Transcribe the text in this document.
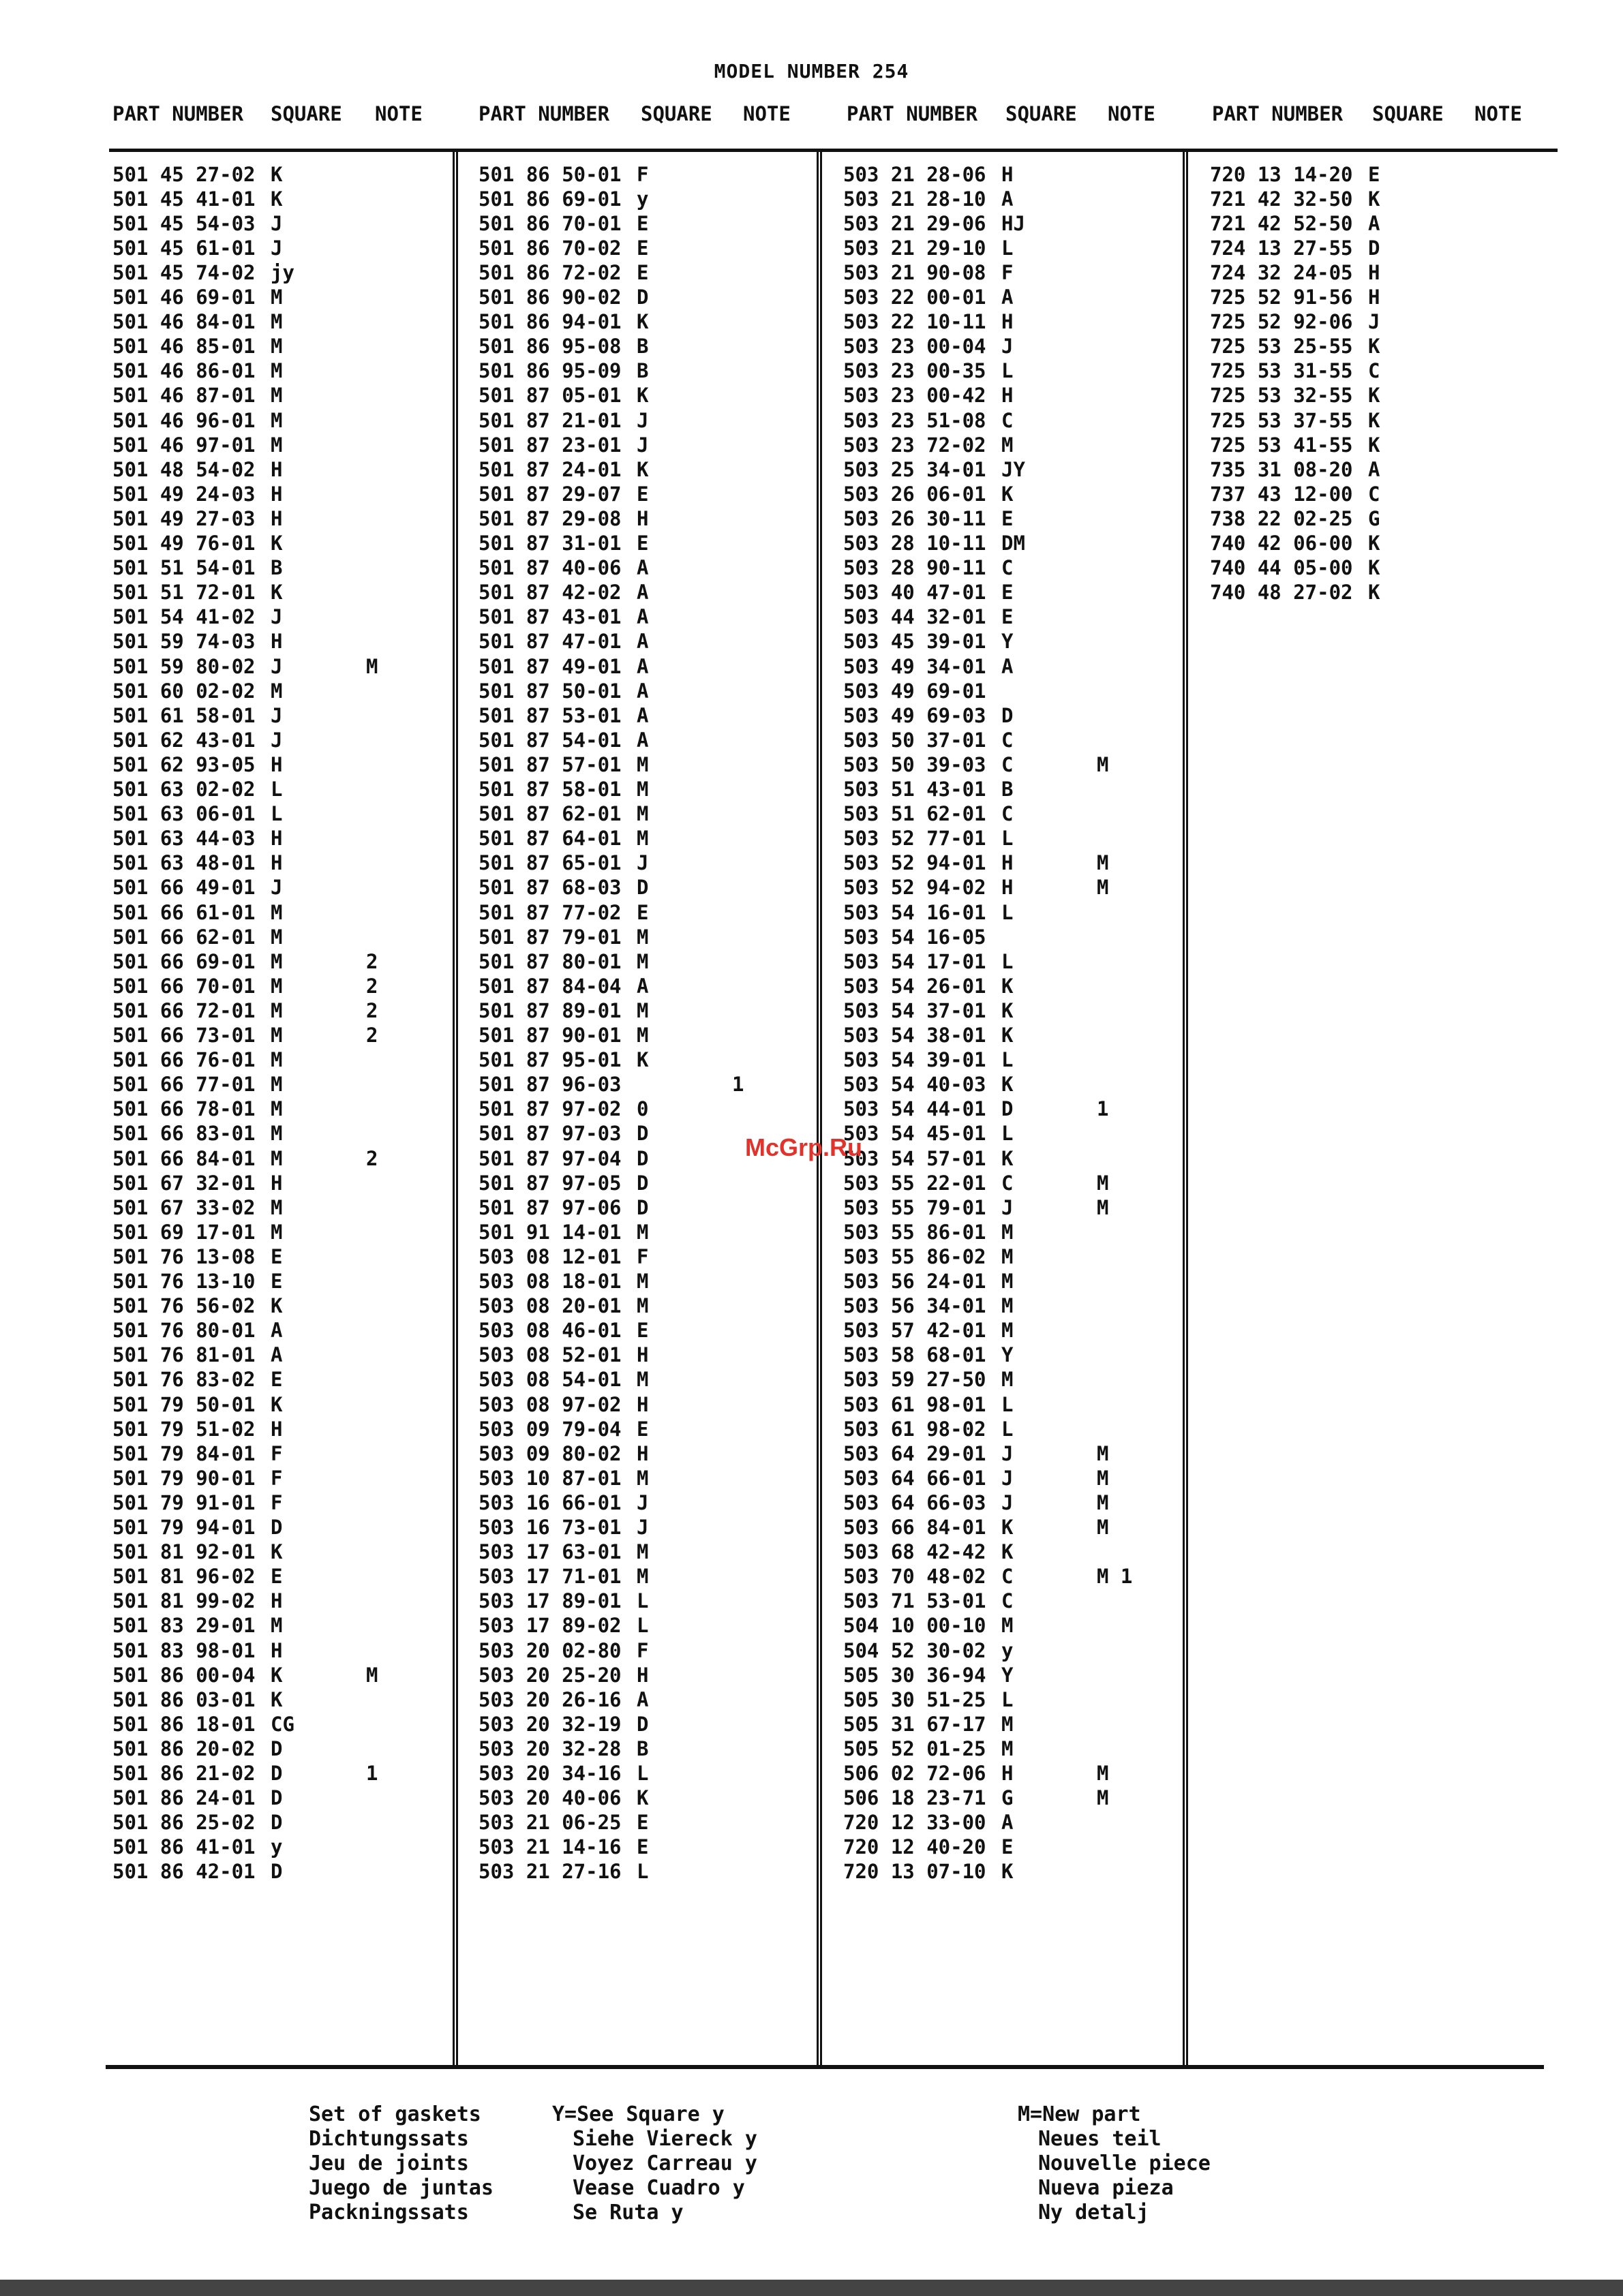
MODEL NUMBER 254
PART NUMBER SQUARE NOTE
501 45 27-02 K
501 45 41-01 K
501 45 54-03 J
501 45 61-01 J
501 45 74-02 jy
501 46 69-01 M
501 46 84-01 M
501 46 85-01 M
501 46 86-01 M
501 46 87-01 M
501 46 96-01 M
501 46 97-01 M
501 48 54-02 H
501 49 24-03 H
501 49 27-03 H
501 49 76-01 K
501 51 54-01 B
501 51 72-01 K
501 54 41-02 J
501 59 74-03 H
501 59 80-02 J	M
501 60 02-02 M
501 61 58-01 J
501 62 43-01 J
501 62 93-05 H
501 63 02-02 L
501 63 06-01 L
501 63 44-03 H
501 63 48-01 H
501 66 49-01 J
501 66 61-01 M
501 66 62-01 M
501 66 69-01 M	2
501 66 70-01 M	2
501 66 72-01 M	2
501 66 73-01 M	2
501 66 76-01 M
501 66 77-01 M
501 66 78-01 M
501 66 83-01 M
501 66 84-01 M	2
501 67 32-01 H
501 67 33-02 M
501 69 17-01 M
501 76 13-08 E
501 76 13-10 E
501 76 56-02 K
501 76 80-01 A
501 76 81-01 A
501 76 83-02 E
501 79 50-01 K
501 79 51-02 H
501 79 84-01 F
501 79 90-01 F
501 79 91-01 F
501 79 94-01 D
501 81 92-01 K
501 81 96-02 E
501 81 99-02 H
501 83 29-01 M
501 83 98-01 H
501 86 00-04 K	M
501 86 03-01 K
501 86 18-01 CG
501 86 20-02 D
501 86 21-02 D	1
501 86 24-01 D
501 86 25-02 D
501 86 41-01 y
501 86 42-01 D
PART NUMBER SQUARE NOTE
501 86 50-01 F
501 86 69-01 y
501 86 70-01 E
501 86 70-02 E
501 86 72-02 E
501 86 90-02 D
501 86 94-01 K
501 86 95-08 B
501 86 95-09 B
501 87 05-01 K
501 87 21-01 J
501 87 23-01 J
501 87 24-01 K
501 87 29-07 E
501 87 29-08 H
501 87 31-01 E
501 87 40-06 A
501 87 42-02 A
501 87 43-01 A
501 87 47-01 A
501 87 49-01 A
501 87 50-01 A
501 87 53-01 A
501 87 54-01 A
501 87 57-01 M
501 87 58-01 M
501 87 62-01 M
501 87 64-01 M
501 87 65-01 J
501 87 68-03 D
501 87 77-02 E
501 87 79-01 M
501 87 80-01 M
501 87 84-04 A
501 87 89-01 M
501 87 90-01 M
501 87 95-01 K
501 87 96-03	1
501 87 97-02 0
501 87 97-03 D
501 87 97-04 D
501 87 97-05 D
501 87 97-06 D
501 91 14-01 M
503 08 12-01 F
503 08 18-01 M
503 08 20-01 M
503 08 46-01 E
503 08 52-01 H
503 08 54-01 M
503 08 97-02 H
503 09 79-04 E
503 09 80-02 H
503 10 87-01 M
503 16 66-01 J
503 16 73-01 J
503 17 63-01 M
503 17 71-01 M
503 17 89-01 L
503 17 89-02 L
503 20 02-80 F
503 20 25-20 H
503 20 26-16 A
503 20 32-19 D
503 20 32-28 B
503 20 34-16 L
503 20 40-06 K
503 21 06-25 E
503 21 14-16 E
503 21 27-16 L
PART NUMBER SQUARE NOTE
503 21 28-06 H
503 21 28-10 A
503 21 29-06 HJ
503 21 29-10 L
503 21 90-08 F
503 22 00-01 A
503 22 10-11 H
503 23 00-04 J
503 23 00-35 L
503 23 00-42 H
503 23 51-08 C
503 23 72-02 M
503 25 34-01 JY
503 26 06-01 K
503 26 30-11 E
503 28 10-11 DM
503 28 90-11 C
503 40 47-01 E
503 44 32-01 E
503 45 39-01 Y
503 49 34-01 A
503 49 69-01
503 49 69-03 D
503 50 37-01 C
503 50 39-03 C	M
503 51 43-01 B
503 51 62-01 C
503 52 77-01 L
503 52 94-01 H	M
503 52 94-02 H	M
503 54 16-01 L
503 54 16-05
503 54 17-01 L
503 54 26-01 K
503 54 37-01 K
503 54 38-01 K
503 54 39-01 L
503 54 40-03 K
503 54 44-01 D	1
503 54 45-01 L
503 54 57-01 K
503 55 22-01 C	M
503 55 79-01 J	M
503 55 86-01 M
503 55 86-02 M
503 56 24-01 M
503 56 34-01 M
503 57 42-01 M
503 58 68-01 Y
503 59 27-50 M
503 61 98-01 L
503 61 98-02 L
503 64 29-01 J	M
503 64 66-01 J	M
503 64 66-03 J	M
503 66 84-01 K	M
503 68 42-42 K
503 70 48-02 C	M 1
503 71 53-01 C
504 10 00-10 M
504 52 30-02 y
505 30 36-94 Y
505 30 51-25 L
505 31 67-17 M
505 52 01-25 M
506 02 72-06 H	M
506 18 23-71 G	M
720 12 33-00 A
720 12 40-20 E
720 13 07-10 K
PART NUMBER SQUARE NOTE
720 13 14-20 E
721 42 32-50 K
721 42 52-50 A
724 13 27-55 D
724 32 24-05 H
725 52 91-56 H
725 52 92-06 J
725 53 25-55 K
725 53 31-55 C
725 53 32-55 K
725 53 37-55 K
725 53 41-55 K
735 31 08-20 A
737 43 12-00 C
738 22 02-25 G
740 42 06-00 K
740 44 05-00 K
740 48 27-02 K
McGrp.Ru
Set of gaskets
Dichtungssats
Jeu de joints
Juego de juntas
Packningssats
Y=See Square y
Siehe Viereck y
Voyez Carreau y
Vease Cuadro y
Se Ruta y
M=New part
Neues teil
Nouvelle piece
Nueva pieza
Ny detalj
